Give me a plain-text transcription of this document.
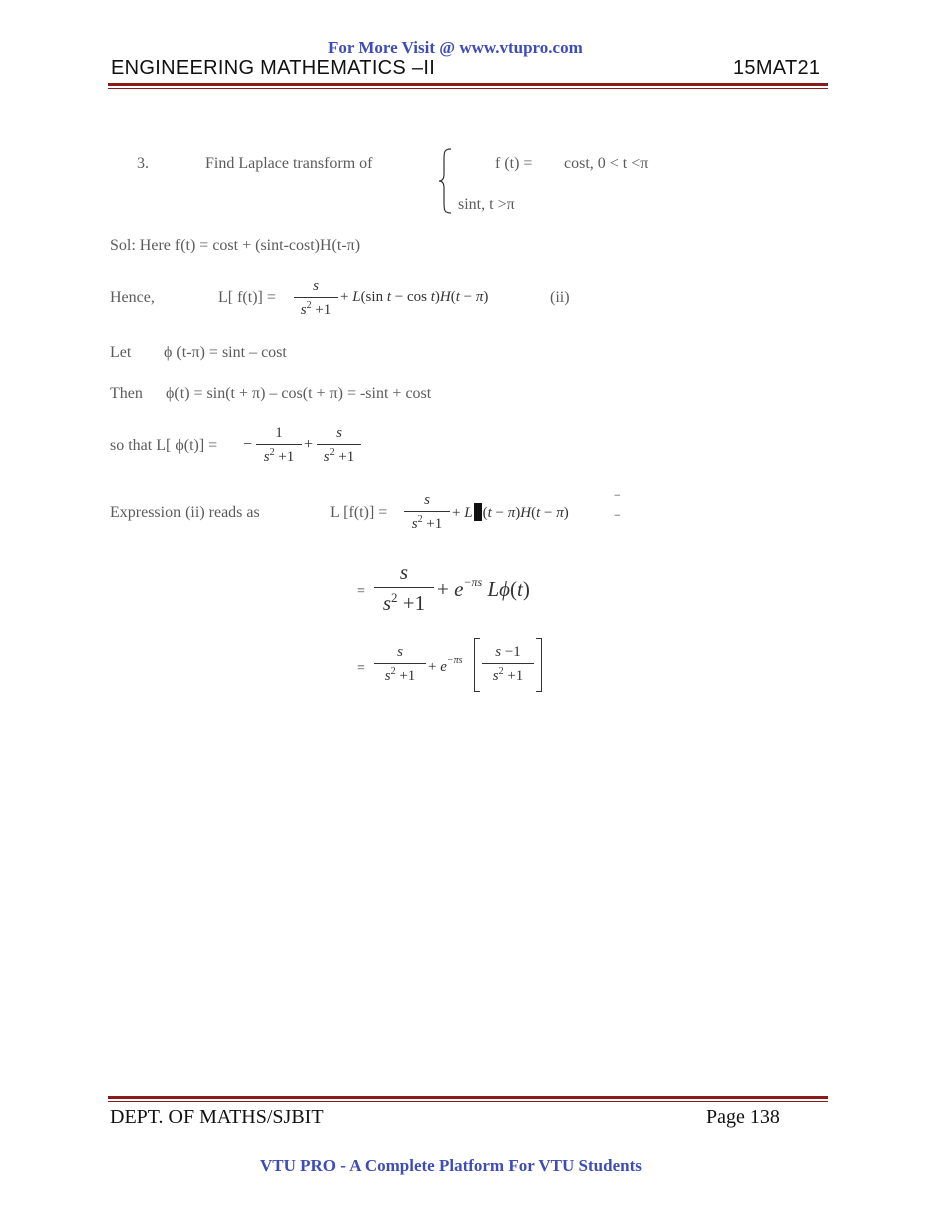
For More Visit @ www.vtupro.com
ENGINEERING MATHEMATICS –II	15MAT21
3.	Find Laplace transform of	f (t) = cost, 0 < t <π
sint, t >π
Sol: Here f(t) = cost + (sint-cost)H(t-π)
Hence,	L[ f(t)] =
s
$s^2 +1$
+ L(sin t − cos t)H(t − π)	(ii)
Let ϕ (t-π) = sint – cost
Then ϕ(t) = sin(t + π) – cos(t + π) = -sint + cost
so that L[ ϕ(t)] = −
1
$s^2 +1$
+
s
$s^2 +1$
Expression (ii) reads as	L [f(t)] =
s
$s^2 +1$
+ L (t − π)H(t − π)
−

−
=
s
$s^2 +1$
+ $e^{-\pi s}$ Lϕ(t)
=
s
$s^2 +1$
+ $e^{-\pi s}$
s −1
$s^2 +1$
DEPT. OF MATHS/SJBIT	Page 138
VTU PRO - A Complete Platform For VTU Students
